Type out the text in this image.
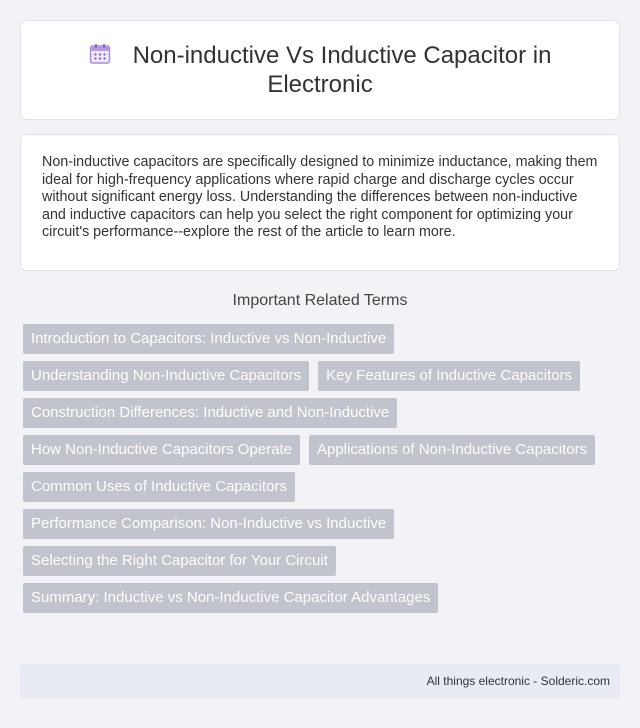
Non-inductive Vs Inductive Capacitor in Electronic

Non-inductive capacitors are specifically designed to minimize inductance, making them ideal for high-frequency applications where rapid charge and discharge cycles occur without significant energy loss. Understanding the differences between non-inductive and inductive capacitors can help you select the right component for optimizing your circuit's performance--explore the rest of the article to learn more.

Important Related Terms
Introduction to Capacitors: Inductive vs Non-Inductive
Understanding Non-Inductive Capacitors	Key Features of Inductive Capacitors
Construction Differences: Inductive and Non-Inductive
How Non-Inductive Capacitors Operate	Applications of Non-Inductive Capacitors
Common Uses of Inductive Capacitors
Performance Comparison: Non-Inductive vs Inductive
Selecting the Right Capacitor for Your Circuit
Summary: Inductive vs Non-Inductive Capacitor Advantages
All things electronic - Solderic.com
